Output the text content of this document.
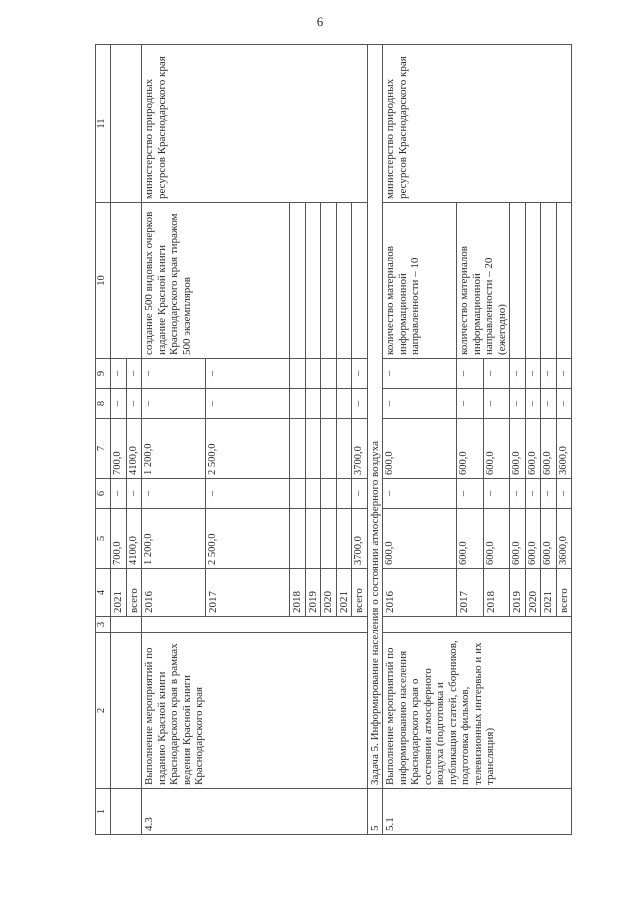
6
1	2	3	4	5	6	7	8	9	10	11
			2021	700,0	–	700,0	–	–		
			всего	4100,0	–	4100,0	–	–		
4.3	Выполнение мероприятий по изданию Красной книги Краснодарского края в рамках ведения Красной книги Краснодарского края		2016	1 200,0	–	1 200,0	–	–	создание 500 видовых очерков издание Красной книги Краснодарского края тиражом 500 экземпляров	министерство природных ресурсов Краснодарского края
			2017	2 500,0	–	2 500,0	–	–		
			2018							
			2019							
			2020							
			2021							
			всего	3700,0	–	3700,0	–	–		
5	Задача 5. Информирование населения о состоянии атмосферного воздуха									
5.1	Выполнение мероприятий по информированию населения Краснодарского края о состоянии атмосферного воздуха (подготовка и публикация статей, сборников, подготовка фильмов, телевизионных интервью и их трансляция)		2016	600,0	–	600,0	–	–	количество материалов информационной направленности – 10	министерство природных ресурсов Краснодарского края
			2017	600,0	–	600,0	–	–	количество материалов информационной направленности – 20 (ежегодно)	
			2018	600,0	–	600,0	–	–		
			2019	600,0	–	600,0	–	–		
			2020	600,0	–	600,0	–	–		
			2021	600,0	–	600,0	–	–		
			всего	3600,0	–	3600,0	–	–		
